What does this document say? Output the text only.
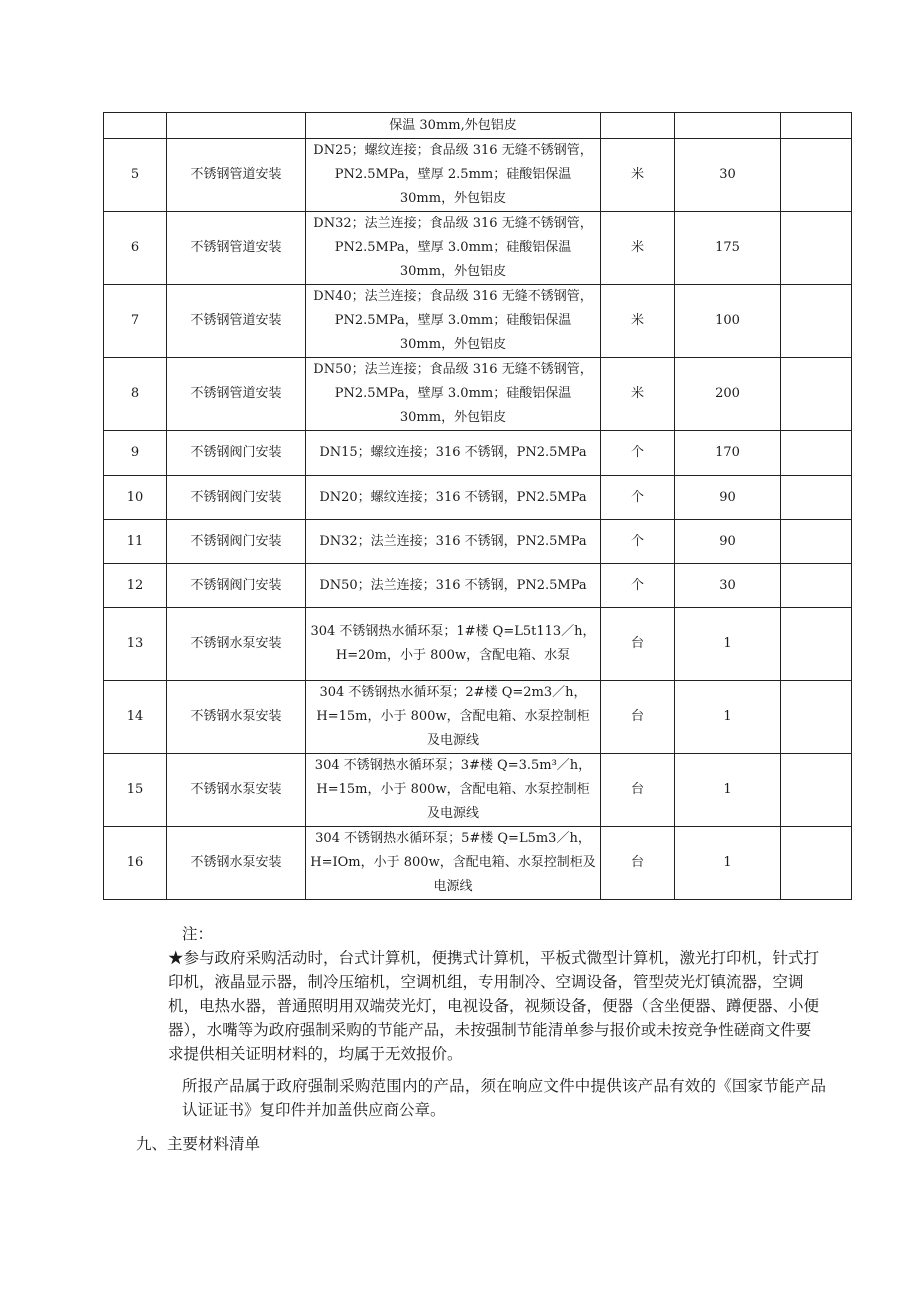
		保温 30mm,外包铝皮			
5	不锈钢管道安装	DN25；螺纹连接；食品级 316 无缝不锈钢管，PN2.5MPa，壁厚 2.5mm；硅酸铝保温 30mm，外包铝皮	米	30	
6	不锈钢管道安装	DN32；法兰连接；食品级 316 无缝不锈钢管，PN2.5MPa，壁厚 3.0mm；硅酸铝保温 30mm，外包铝皮	米	175	
7	不锈钢管道安装	DN40；法兰连接；食品级 316 无缝不锈钢管，PN2.5MPa，壁厚 3.0mm；硅酸铝保温 30mm，外包铝皮	米	100	
8	不锈钢管道安装	DN50；法兰连接；食品级 316 无缝不锈钢管，PN2.5MPa，壁厚 3.0mm；硅酸铝保温 30mm，外包铝皮	米	200	
9	不锈钢阀门安装	DN15；螺纹连接；316 不锈钢，PN2.5MPa	个	170	
10	不锈钢阀门安装	DN20；螺纹连接；316 不锈钢，PN2.5MPa	个	90	
11	不锈钢阀门安装	DN32；法兰连接；316 不锈钢，PN2.5MPa	个	90	
12	不锈钢阀门安装	DN50；法兰连接；316 不锈钢，PN2.5MPa	个	30	
13	不锈钢水泵安装	304 不锈钢热水循环泵；1#楼 Q=L5t113／h，H=20m，小于 800w，含配电箱、水泵	台	1	
14	不锈钢水泵安装	304 不锈钢热水循环泵；2#楼 Q=2m3／h，H=15m，小于 800w，含配电箱、水泵控制柜及电源线	台	1	
15	不锈钢水泵安装	304 不锈钢热水循环泵；3#楼 Q=3.5m³／h，H=15m，小于 800w，含配电箱、水泵控制柜及电源线	台	1	
16	不锈钢水泵安装	304 不锈钢热水循环泵；5#楼 Q=L5m3／h，H=IOm，小于 800w，含配电箱、水泵控制柜及电源线	台	1	

注：

★参与政府采购活动时，台式计算机，便携式计算机，平板式微型计算机，激光打印机，针式打印机，液晶显示器，制冷压缩机，空调机组，专用制冷、空调设备，管型荧光灯镇流器，空调机，电热水器，普通照明用双端荧光灯，电视设备，视频设备，便器（含坐便器、蹲便器、小便器），水嘴等为政府强制采购的节能产品，未按强制节能清单参与报价或未按竞争性磋商文件要求提供相关证明材料的，均属于无效报价。

所报产品属于政府强制采购范围内的产品，须在响应文件中提供该产品有效的《国家节能产品认证证书》复印件并加盖供应商公章。

九、主要材料清单
